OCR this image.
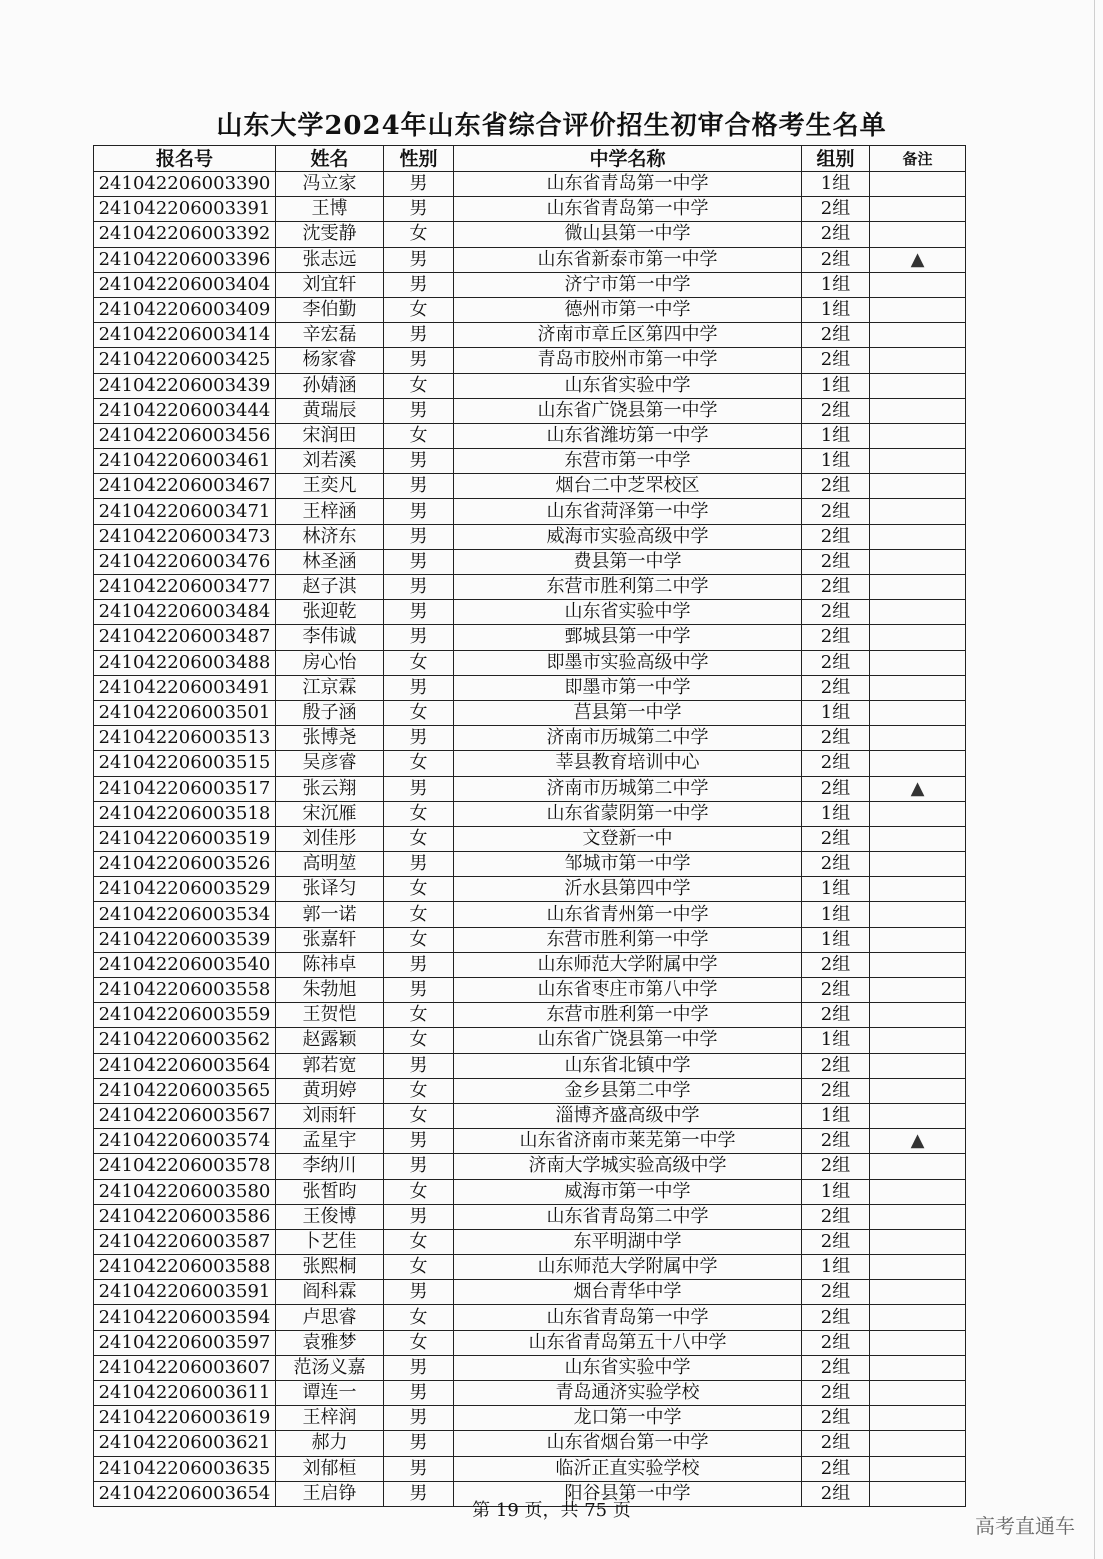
山东大学2024年山东省综合评价招生初审合格考生名单
报名号	姓名	性别	中学名称	组别	备注
241042206003390	冯立家	男	山东省青岛第一中学	1组	
241042206003391	王博	男	山东省青岛第一中学	2组	
241042206003392	沈雯静	女	微山县第一中学	2组	
241042206003396	张志远	男	山东省新泰市第一中学	2组	▲
241042206003404	刘宜轩	男	济宁市第一中学	1组	
241042206003409	李伯勤	女	德州市第一中学	1组	
241042206003414	辛宏磊	男	济南市章丘区第四中学	2组	
241042206003425	杨家睿	男	青岛市胶州市第一中学	2组	
241042206003439	孙婧涵	女	山东省实验中学	1组	
241042206003444	黄瑞辰	男	山东省广饶县第一中学	2组	
241042206003456	宋润田	女	山东省潍坊第一中学	1组	
241042206003461	刘若溪	男	东营市第一中学	1组	
241042206003467	王奕凡	男	烟台二中芝罘校区	2组	
241042206003471	王梓涵	男	山东省菏泽第一中学	2组	
241042206003473	林济东	男	威海市实验高级中学	2组	
241042206003476	林圣涵	男	费县第一中学	2组	
241042206003477	赵子淇	男	东营市胜利第二中学	2组	
241042206003484	张迎乾	男	山东省实验中学	2组	
241042206003487	李伟诚	男	鄄城县第一中学	2组	
241042206003488	房心怡	女	即墨市实验高级中学	2组	
241042206003491	江京霖	男	即墨市第一中学	2组	
241042206003501	殷子涵	女	莒县第一中学	1组	
241042206003513	张博尧	男	济南市历城第二中学	2组	
241042206003515	吴彦睿	女	莘县教育培训中心	2组	
241042206003517	张云翔	男	济南市历城第二中学	2组	▲
241042206003518	宋沉雁	女	山东省蒙阴第一中学	1组	
241042206003519	刘佳彤	女	文登新一中	2组	
241042206003526	高明堃	男	邹城市第一中学	2组	
241042206003529	张译匀	女	沂水县第四中学	1组	
241042206003534	郭一诺	女	山东省青州第一中学	1组	
241042206003539	张嘉轩	女	东营市胜利第一中学	1组	
241042206003540	陈祎卓	男	山东师范大学附属中学	2组	
241042206003558	朱勃旭	男	山东省枣庄市第八中学	2组	
241042206003559	王贺恺	女	东营市胜利第一中学	2组	
241042206003562	赵露颖	女	山东省广饶县第一中学	1组	
241042206003564	郭若宽	男	山东省北镇中学	2组	
241042206003565	黄玥婷	女	金乡县第二中学	2组	
241042206003567	刘雨轩	女	淄博齐盛高级中学	1组	
241042206003574	孟星宇	男	山东省济南市莱芜第一中学	2组	▲
241042206003578	李纳川	男	济南大学城实验高级中学	2组	
241042206003580	张皙昀	女	威海市第一中学	1组	
241042206003586	王俊博	男	山东省青岛第二中学	2组	
241042206003587	卜艺佳	女	东平明湖中学	2组	
241042206003588	张熙桐	女	山东师范大学附属中学	1组	
241042206003591	阎科霖	男	烟台青华中学	2组	
241042206003594	卢思睿	女	山东省青岛第一中学	2组	
241042206003597	袁雅梦	女	山东省青岛第五十八中学	2组	
241042206003607	范汤义嘉	男	山东省实验中学	2组	
241042206003611	谭连一	男	青岛通济实验学校	2组	
241042206003619	王梓润	男	龙口第一中学	2组	
241042206003621	郝力	男	山东省烟台第一中学	2组	
241042206003635	刘郁桓	男	临沂正直实验学校	2组	
241042206003654	王启铮	男	阳谷县第一中学	2组	
第 19 页，共 75 页
高考直通车
